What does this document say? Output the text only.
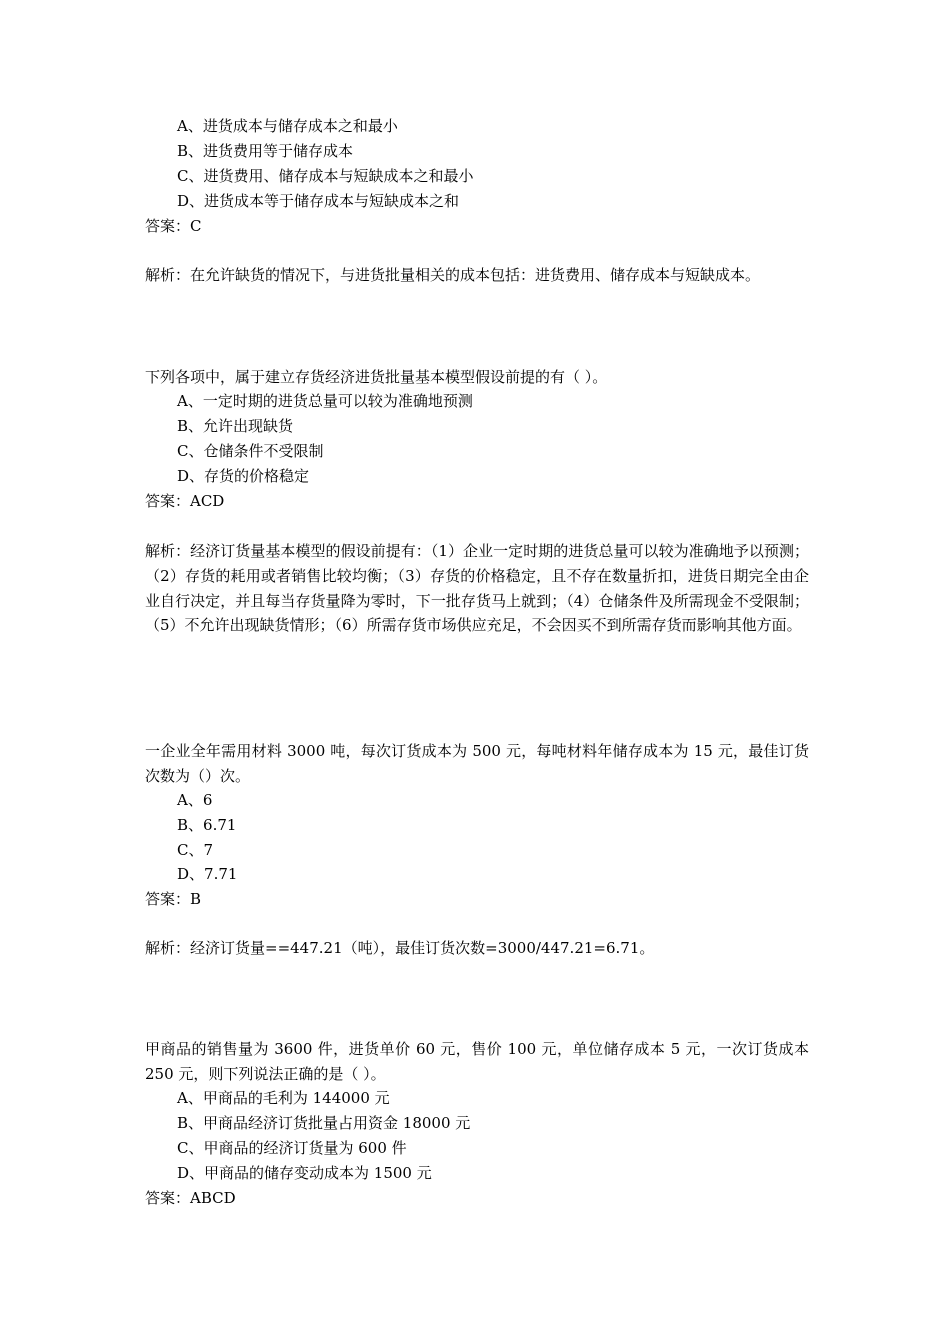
A、进货成本与储存成本之和最小
B、进货费用等于储存成本
C、进货费用、储存成本与短缺成本之和最小
D、进货成本等于储存成本与短缺成本之和
答案：C
解析：在允许缺货的情况下，与进货批量相关的成本包括：进货费用、储存成本与短缺成本。
下列各项中，属于建立存货经济进货批量基本模型假设前提的有（ ）。
A、一定时期的进货总量可以较为准确地预测
B、允许出现缺货
C、仓储条件不受限制
D、存货的价格稳定
答案：ACD
解析：经济订货量基本模型的假设前提有：（1）企业一定时期的进货总量可以较为准确地予以预测；（2）存货的耗用或者销售比较均衡；（3）存货的价格稳定，且不存在数量折扣，进货日期完全由企业自行决定，并且每当存货量降为零时，下一批存货马上就到；（4）仓储条件及所需现金不受限制；（5）不允许出现缺货情形；（6）所需存货市场供应充足，不会因买不到所需存货而影响其他方面。
一企业全年需用材料 3000 吨，每次订货成本为 500 元，每吨材料年储存成本为 15 元，最佳订货次数为（）次。
A、6
B、6.71
C、7
D、7.71
答案：B
解析：经济订货量==447.21（吨），最佳订货次数=3000/447.21=6.71。
甲商品的销售量为 3600 件，进货单价 60 元，售价 100 元，单位储存成本 5 元，一次订货成本 250 元，则下列说法正确的是（ ）。
A、甲商品的毛利为 144000 元
B、甲商品经济订货批量占用资金 18000 元
C、甲商品的经济订货量为 600 件
D、甲商品的储存变动成本为 1500 元
答案：ABCD
